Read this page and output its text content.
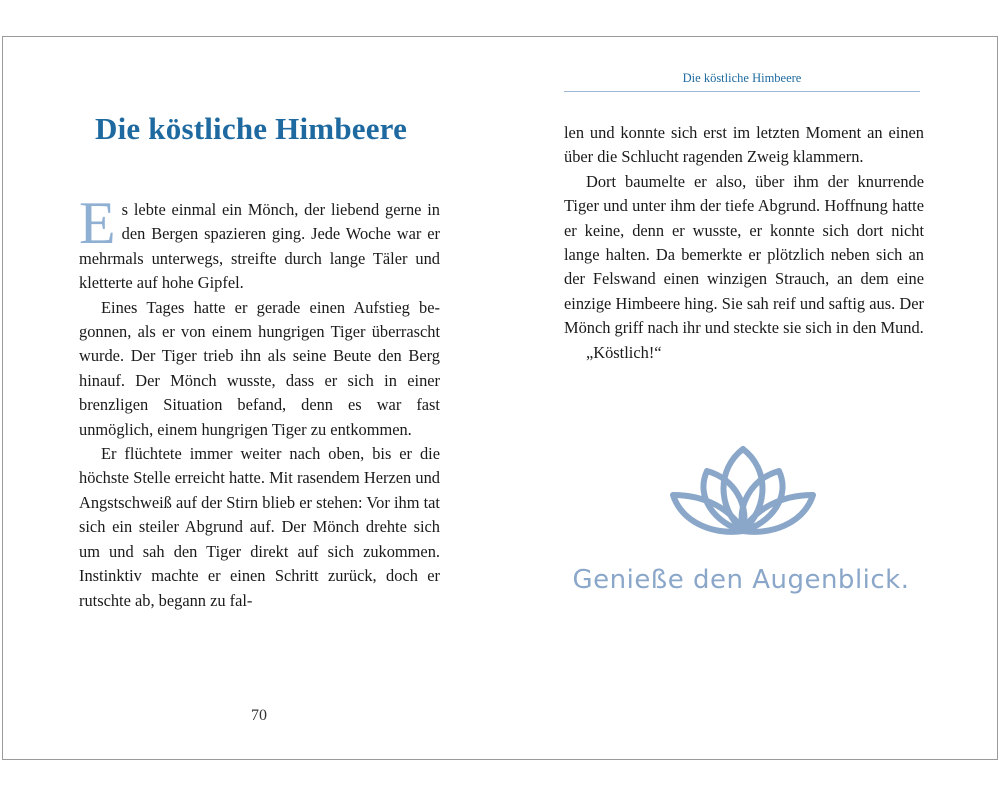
Die köstliche Himbeere

Es lebte einmal ein Mönch, der liebend gerne in den Bergen spazieren ging. Jede Woche war er mehrmals unterwegs, streifte durch lange Täler und kletterte auf hohe Gipfel.

Eines Tages hatte er gerade einen Aufstieg begonnen, als er von einem hungrigen Tiger überrascht wurde. Der Tiger trieb ihn als seine Beute den Berg hinauf. Der Mönch wusste, dass er sich in einer brenzligen Situation befand, denn es war fast unmöglich, einem hungrigen Tiger zu entkommen.

Er flüchtete immer weiter nach oben, bis er die höchste Stelle erreicht hatte. Mit rasendem Herzen und Angstschweiß auf der Stirn blieb er stehen: Vor ihm tat sich ein steiler Abgrund auf. Der Mönch drehte sich um und sah den Tiger direkt auf sich zukommen. Instinktiv machte er einen Schritt zurück, doch er rutschte ab, begann zu fal-

70
Die köstliche Himbeere

len und konnte sich erst im letzten Moment an einen über die Schlucht ragenden Zweig klammern.

Dort baumelte er also, über ihm der knurrende Tiger und unter ihm der tiefe Abgrund. Hoffnung hatte er keine, denn er wusste, er konnte sich dort nicht lange halten. Da bemerkte er plötzlich neben sich an der Felswand einen winzigen Strauch, an dem eine einzige Himbeere hing. Sie sah reif und saftig aus. Der Mönch griff nach ihr und steckte sie sich in den Mund.

„Köstlich!“

Genieße den Augenblick.
